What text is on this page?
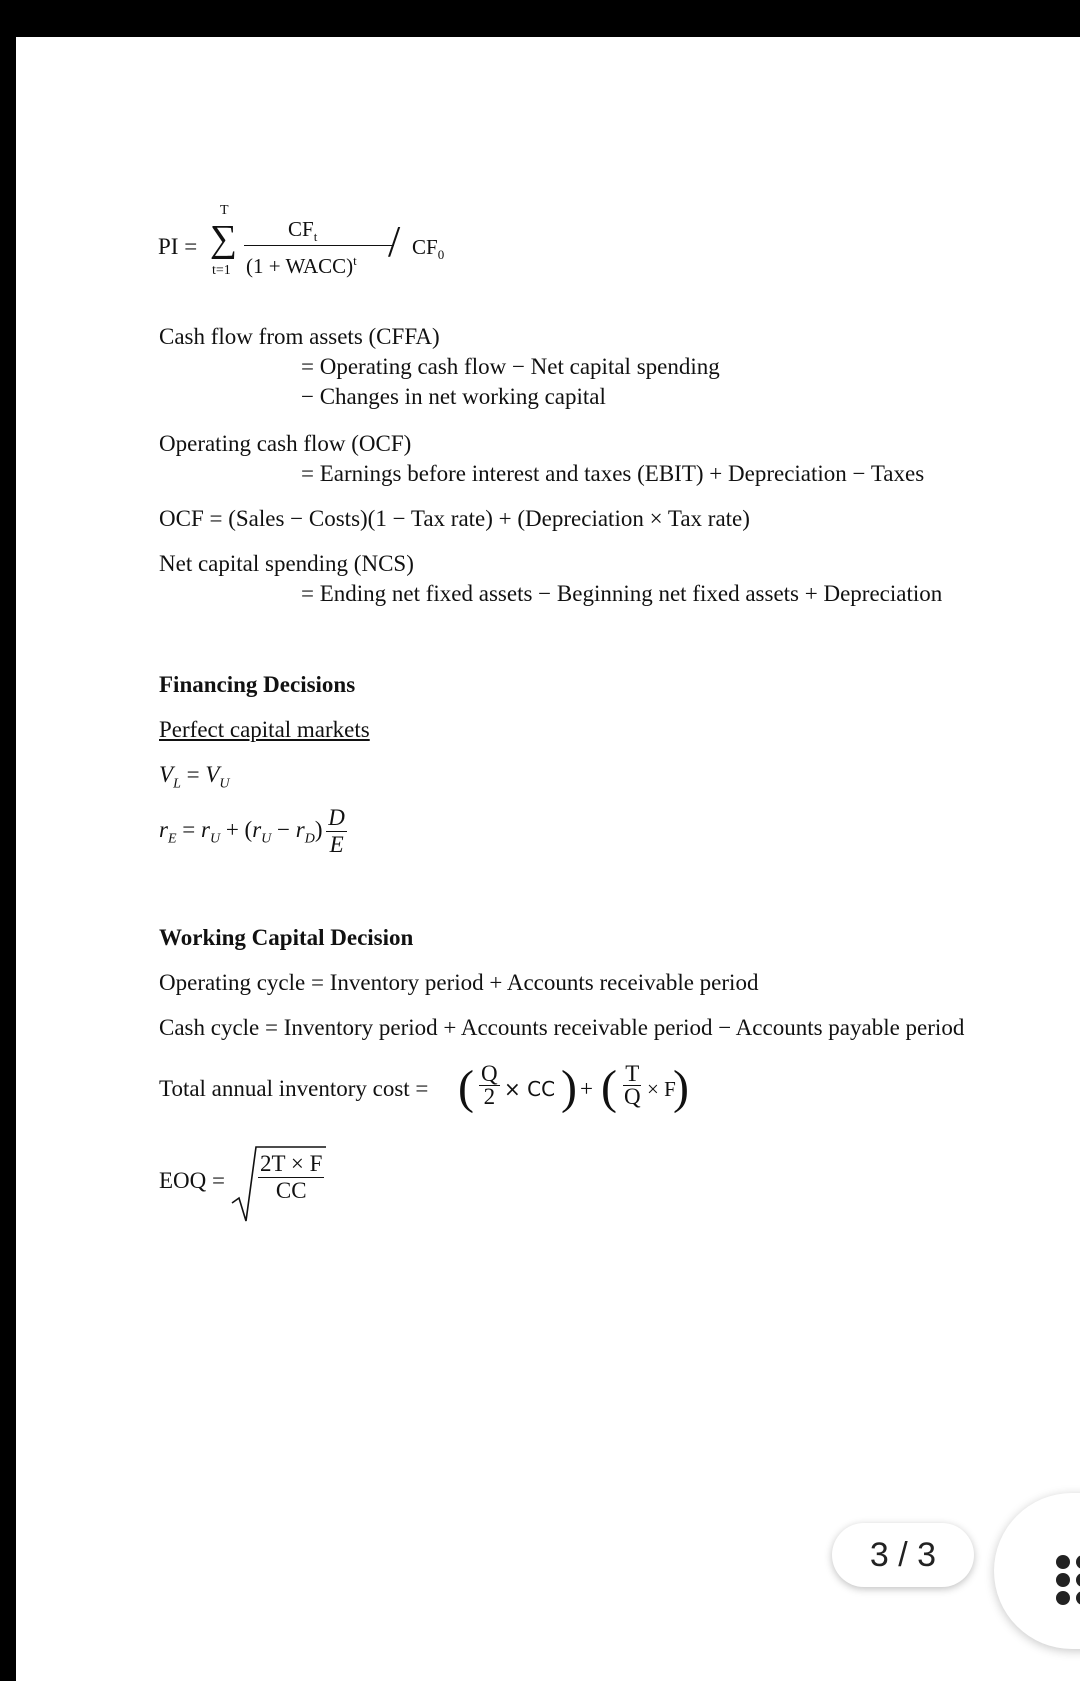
PI =
T
∑
t=1
$CF_t$
(1 + WACC)$^t$ / $CF_0$
Cash flow from assets (CFFA)
= Operating cash flow − Net capital spending
− Changes in net working capital
Operating cash flow (OCF)
= Earnings before interest and taxes (EBIT) + Depreciation − Taxes
OCF = (Sales − Costs)(1 − Tax rate) + (Depreciation × Tax rate)
Net capital spending (NCS)
= Ending net fixed assets − Beginning net fixed assets + Depreciation
Financing Decisions
Perfect capital markets
$V_L = V_U$
$r_E = r_U + (r_U - r_D) \frac{D}{E}$
Working Capital Decision
Operating cycle = Inventory period + Accounts receivable period
Cash cycle = Inventory period + Accounts receivable period − Accounts payable period
Total annual inventory cost = ( $\frac{Q}{2}$ × CC ) + ( $\frac{T}{Q} \times F$
)
EOQ = $\frac{2T \times F}{CC}$
3 / 3
